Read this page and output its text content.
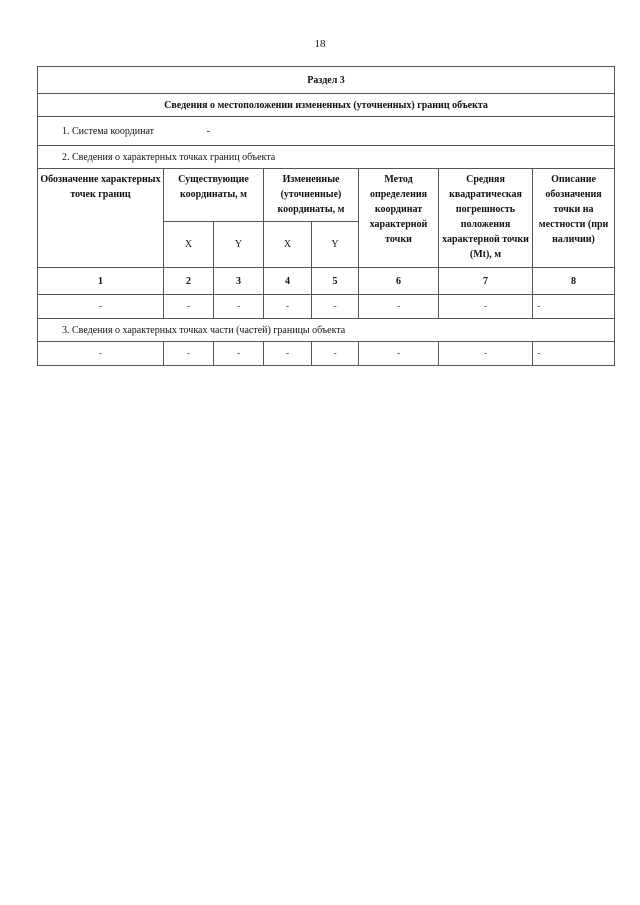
18
Раздел 3							
Сведения о местоположении измененных (уточненных) границ объекта							
1. Система координат -							
2. Сведения о характерных точках границ объекта							
Обозначение характерных точек границ	Существующие координаты, м		Измененные (уточненные) координаты, м		Метод определения координат характерной точки	Средняя квадратическая погрешность положения характерной точки (Mt), м	Описание обозначения точки на местности (при наличии)
	X	Y	X	Y			
1	2	3	4	5	6	7	8
-	-	-	-	-	-	-	-
3. Сведения о характерных точках части (частей) границы объекта							
-	-	-	-	-	-	-	-
